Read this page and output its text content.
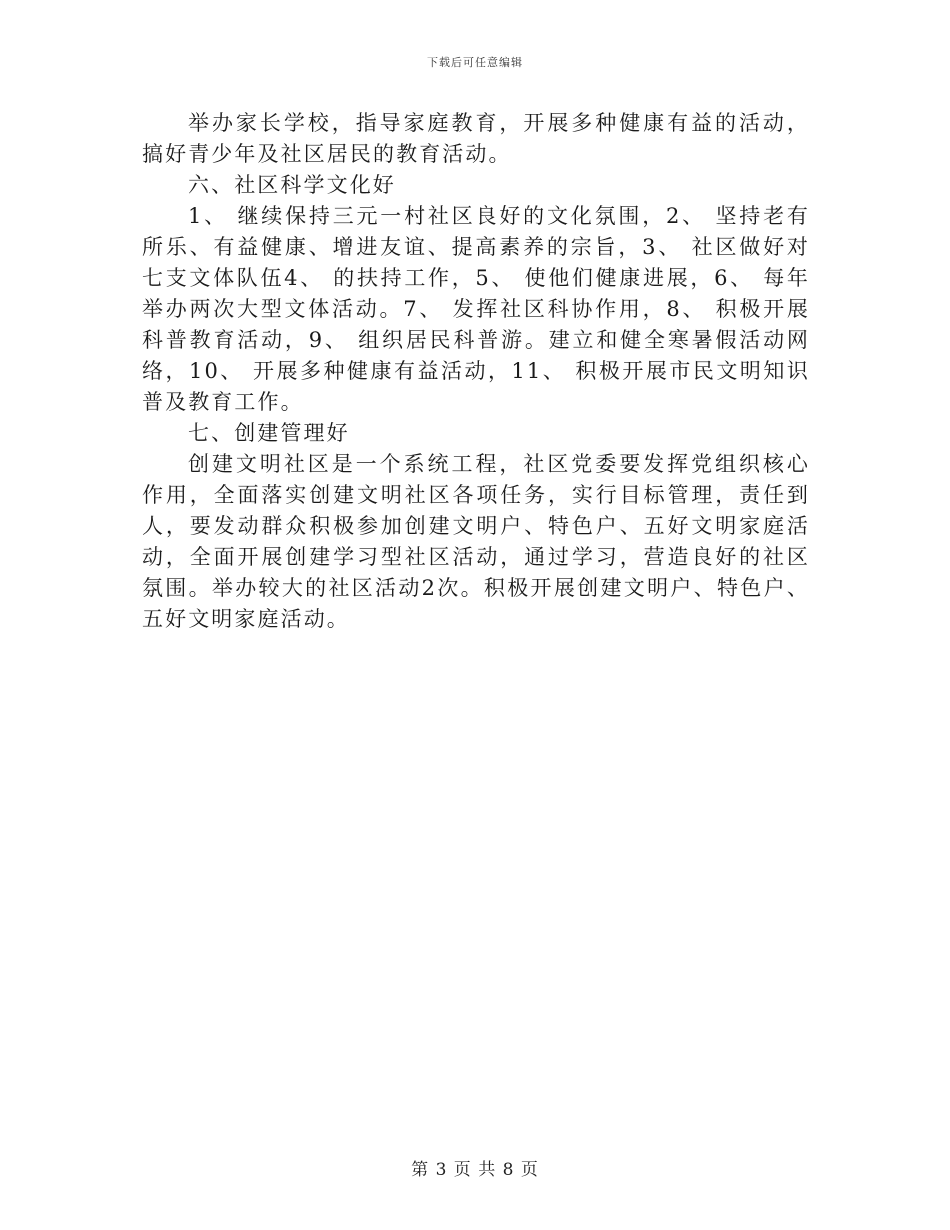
下载后可任意编辑

举办家长学校，指导家庭教育，开展多种健康有益的活动，搞好青少年及社区居民的教育活动。

六、社区科学文化好

1、 继续保持三元一村社区良好的文化氛围，2、 坚持老有所乐、有益健康、增进友谊、提高素养的宗旨，3、 社区做好对七支文体队伍4、 的扶持工作，5、 使他们健康进展，6、 每年举办两次大型文体活动。7、 发挥社区科协作用，8、 积极开展科普教育活动，9、 组织居民科普游。建立和健全寒暑假活动网络，10、 开展多种健康有益活动，11、 积极开展市民文明知识普及教育工作。

七、创建管理好

创建文明社区是一个系统工程，社区党委要发挥党组织核心作用，全面落实创建文明社区各项任务，实行目标管理，责任到人，要发动群众积极参加创建文明户、特色户、五好文明家庭活动，全面开展创建学习型社区活动，通过学习，营造良好的社区氛围。举办较大的社区活动2次。积极开展创建文明户、特色户、五好文明家庭活动。

第 3 页 共 8 页
